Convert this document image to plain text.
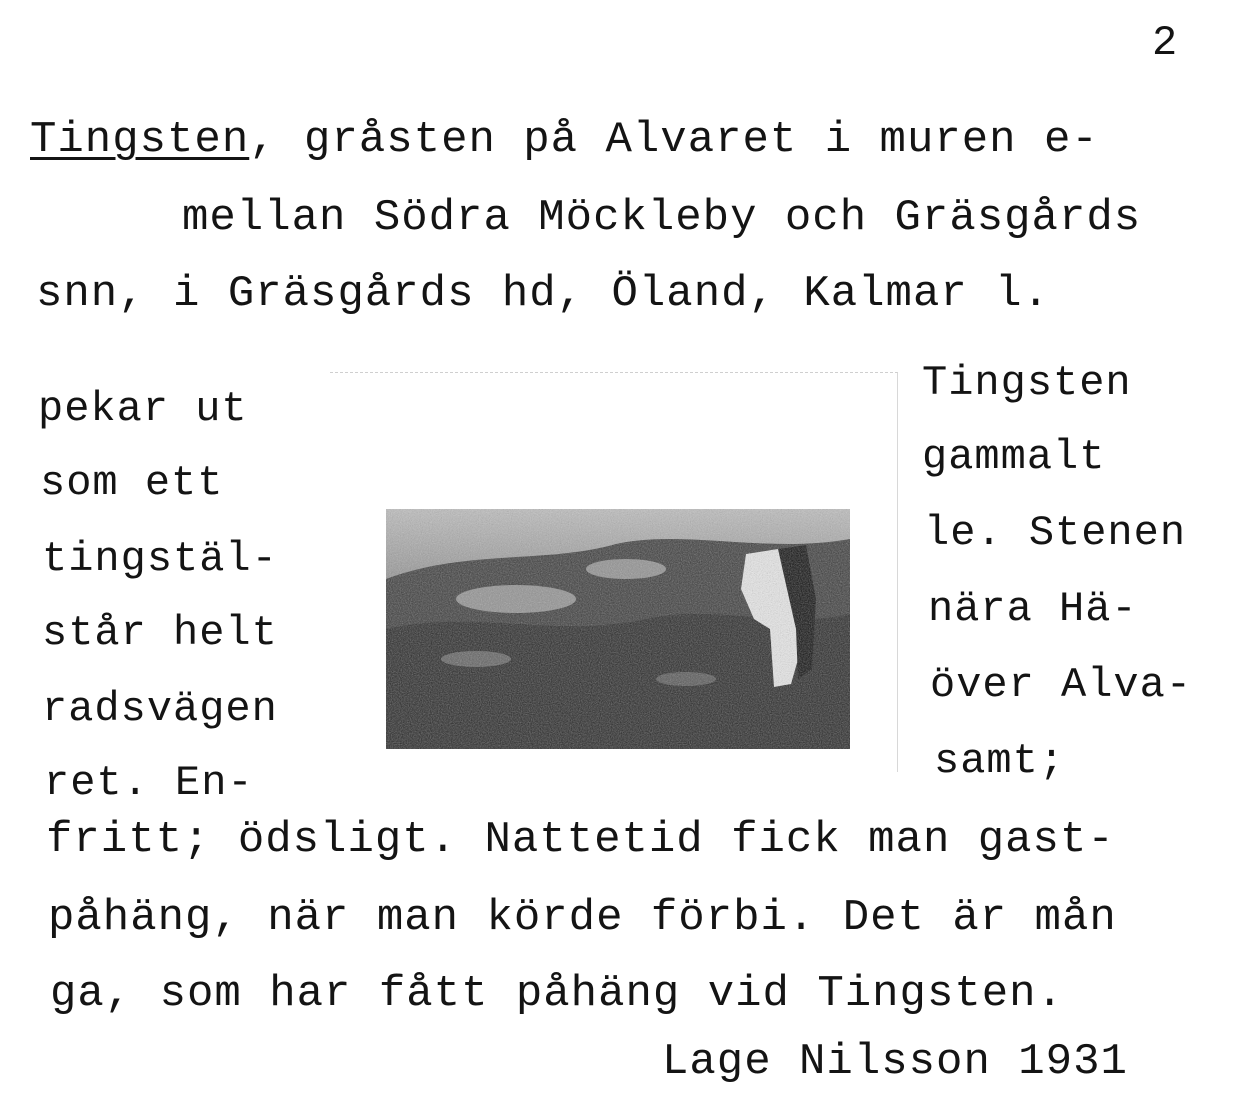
2
Tingsten, gråsten på Alvaret i muren e-
mellan Södra Möckleby och Gräsgårds
snn, i Gräsgårds hd, Öland, Kalmar l.
pekar ut
som ett
tingstäl-
står helt
radsvägen
ret. En-
Tingsten
gammalt
le. Stenen
nära Hä-
över Alva-
samt;
fritt; ödsligt. Nattetid fick man gast-
påhäng, när man körde förbi. Det är mån
ga, som har fått påhäng vid Tingsten.
Lage Nilsson 1931
